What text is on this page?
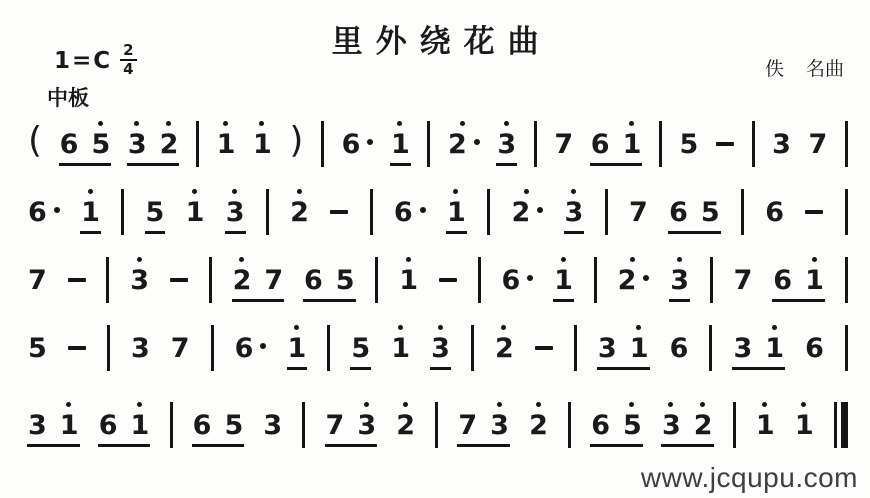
里外绕花曲
$1=C \frac{2}{4}$
中板
佚 名曲
( 6 5 3 2 1 1 ) 6 1 2 3 7 6 1 5	3 7
6 1 5 1 3 2	6 1 2 3 7 6 5 6
7	3	2 7 6 5 1	6 1 2 3 7 6 1
5	3 7 6 1 5 1 3 2	3 1 6 3 1 6
3 1 6 1 6 5 3 7 3 2 7 3 2 6 5 3 2 1 1
www.jcqupu.com
